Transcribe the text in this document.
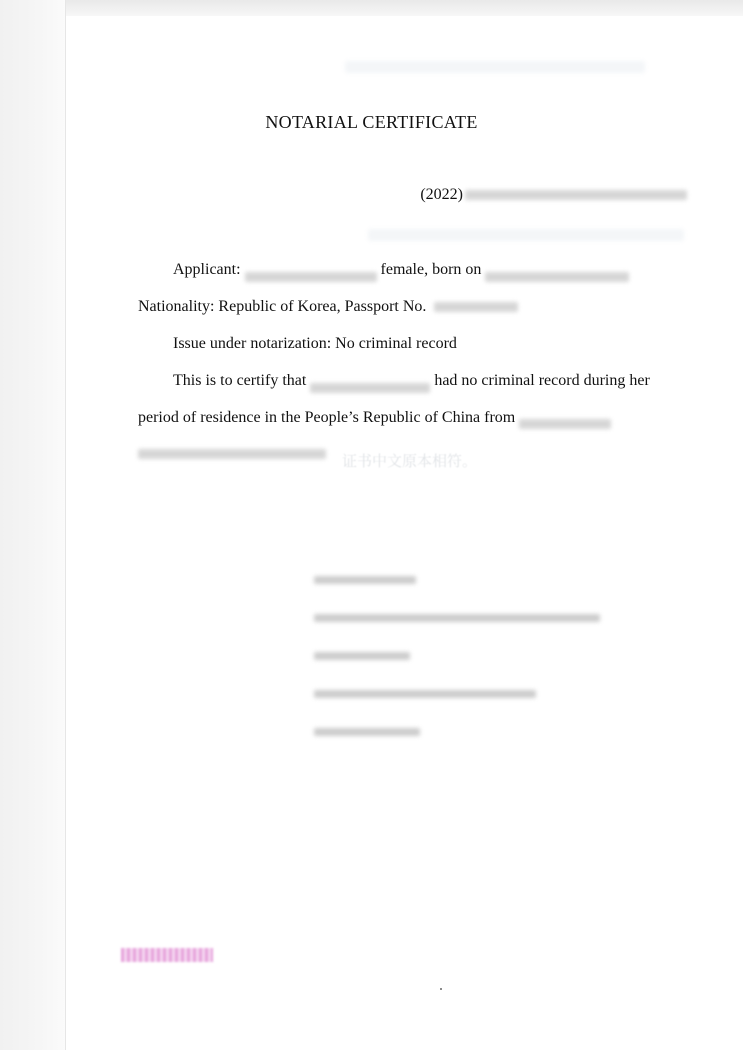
证书中文原本相符。
NOTARIAL CERTIFICATE
(2022)
Applicant:	female, born on
Nationality: Republic of Korea, Passport No.
Issue under notarization: No criminal record
This is to certify that	had no criminal record during her
period of residence in the People’s Republic of China from
